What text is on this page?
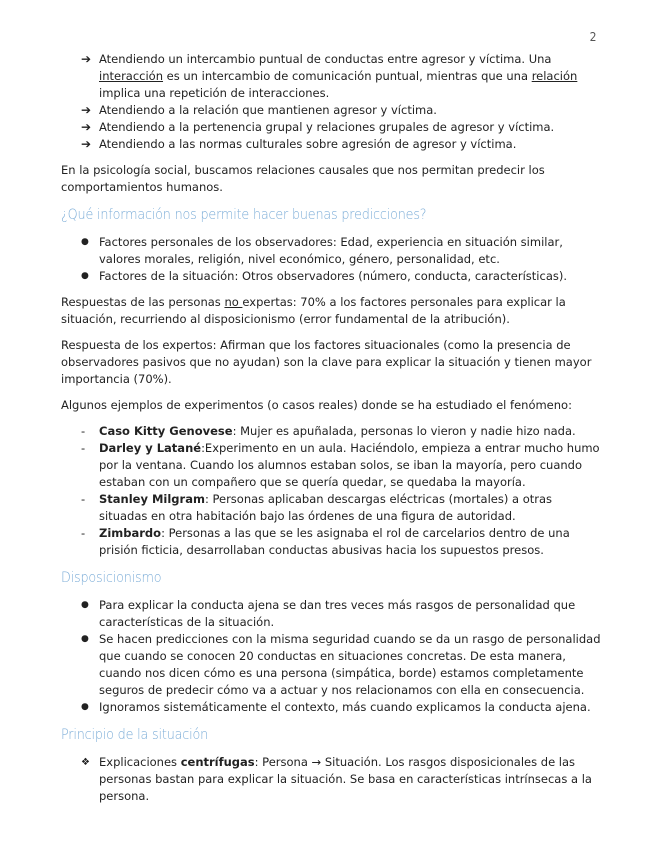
2
➔ Atendiendo un intercambio puntual de conductas entre agresor y víctima. Una interacción es un intercambio de comunicación puntual, mientras que una relación implica una repetición de interacciones.
➔ Atendiendo a la relación que mantienen agresor y víctima.
➔ Atendiendo a la pertenencia grupal y relaciones grupales de agresor y víctima.
➔ Atendiendo a las normas culturales sobre agresión de agresor y víctima.

En la psicología social, buscamos relaciones causales que nos permitan predecir los comportamientos humanos.

¿Qué información nos permite hacer buenas predicciones?
● Factores personales de los observadores: Edad, experiencia en situación similar, valores morales, religión, nivel económico, género, personalidad, etc.
● Factores de la situación: Otros observadores (número, conducta, características).

Respuestas de las personas no expertas: 70% a los factores personales para explicar la situación, recurriendo al disposicionismo (error fundamental de la atribución).

Respuesta de los expertos: Afirman que los factores situacionales (como la presencia de observadores pasivos que no ayudan) son la clave para explicar la situación y tienen mayor importancia (70%).

Algunos ejemplos de experimentos (o casos reales) donde se ha estudiado el fenómeno:

-	Caso Kitty Genovese: Mujer es apuñalada, personas lo vieron y nadie hizo nada.
-	Darley y Latané:Experimento en un aula. Haciéndolo, empieza a entrar mucho humo por la ventana. Cuando los alumnos estaban solos, se iban la mayoría, pero cuando estaban con un compañero que se quería quedar, se quedaba la mayoría.
-	Stanley Milgram: Personas aplicaban descargas eléctricas (mortales) a otras situadas en otra habitación bajo las órdenes de una figura de autoridad.
-	Zimbardo: Personas a las que se les asignaba el rol de carcelarios dentro de una prisión ficticia, desarrollaban conductas abusivas hacia los supuestos presos.
Disposicionismo
● Para explicar la conducta ajena se dan tres veces más rasgos de personalidad que características de la situación.
● Se hacen predicciones con la misma seguridad cuando se da un rasgo de personalidad que cuando se conocen 20 conductas en situaciones concretas. De esta manera, cuando nos dicen cómo es una persona (simpática, borde) estamos completamente seguros de predecir cómo va a actuar y nos relacionamos con ella en consecuencia.
● Ignoramos sistemáticamente el contexto, más cuando explicamos la conducta ajena.
Principio de la situación
❖ Explicaciones centrífugas: Persona → Situación. Los rasgos disposicionales de las personas bastan para explicar la situación. Se basa en características intrínsecas a la persona.
